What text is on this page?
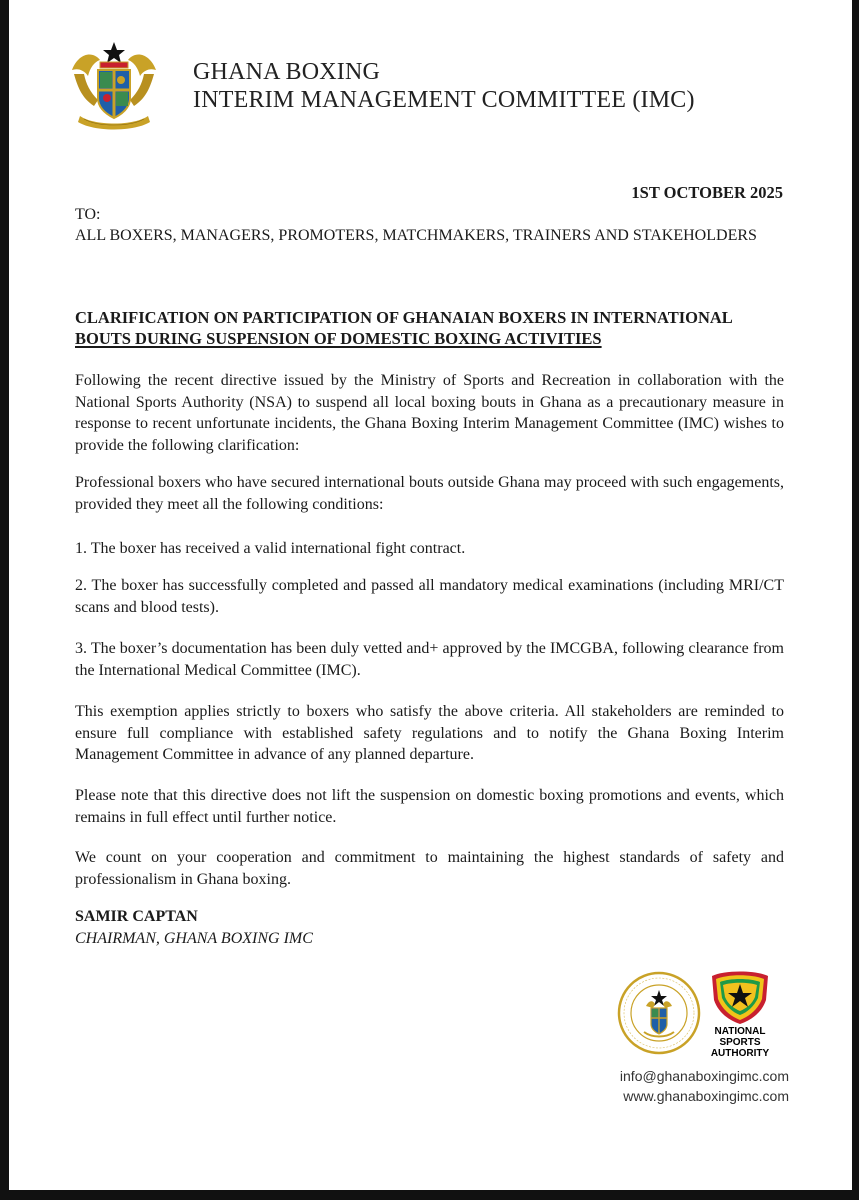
GHANA BOXING
INTERIM MANAGEMENT COMMITTEE (IMC)
1ST OCTOBER 2025
TO:
ALL BOXERS, MANAGERS, PROMOTERS, MATCHMAKERS, TRAINERS AND STAKEHOLDERS
CLARIFICATION ON PARTICIPATION OF GHANAIAN BOXERS IN INTERNATIONAL
BOUTS DURING SUSPENSION OF DOMESTIC BOXING ACTIVITIES
Following the recent directive issued by the Ministry of Sports and Recreation in collaboration with the National Sports Authority (NSA) to suspend all local boxing bouts in Ghana as a precautionary measure in response to recent unfortunate incidents, the Ghana Boxing Interim Management Committee (IMC) wishes to provide the following clarification:
Professional boxers who have secured international bouts outside Ghana may proceed with such engagements, provided they meet all the following conditions:
1. The boxer has received a valid international fight contract.
2. The boxer has successfully completed and passed all mandatory medical examinations (including MRI/CT scans and blood tests).
3. The boxer’s documentation has been duly vetted and+ approved by the IMCGBA, following clearance from the International Medical Committee (IMC).
This exemption applies strictly to boxers who satisfy the above criteria. All stakeholders are reminded to ensure full compliance with established safety regulations and to notify the Ghana Boxing Interim Management Committee in advance of any planned departure.
Please note that this directive does not lift the suspension on domestic boxing promotions and events, which remains in full effect until further notice.
We count on your cooperation and commitment to maintaining the highest standards of safety and professionalism in Ghana boxing.
SAMIR CAPTAN
CHAIRMAN, GHANA BOXING IMC
NATIONAL SPORTS AUTHORITY
info@ghanaboxingimc.com
www.ghanaboxingimc.com
